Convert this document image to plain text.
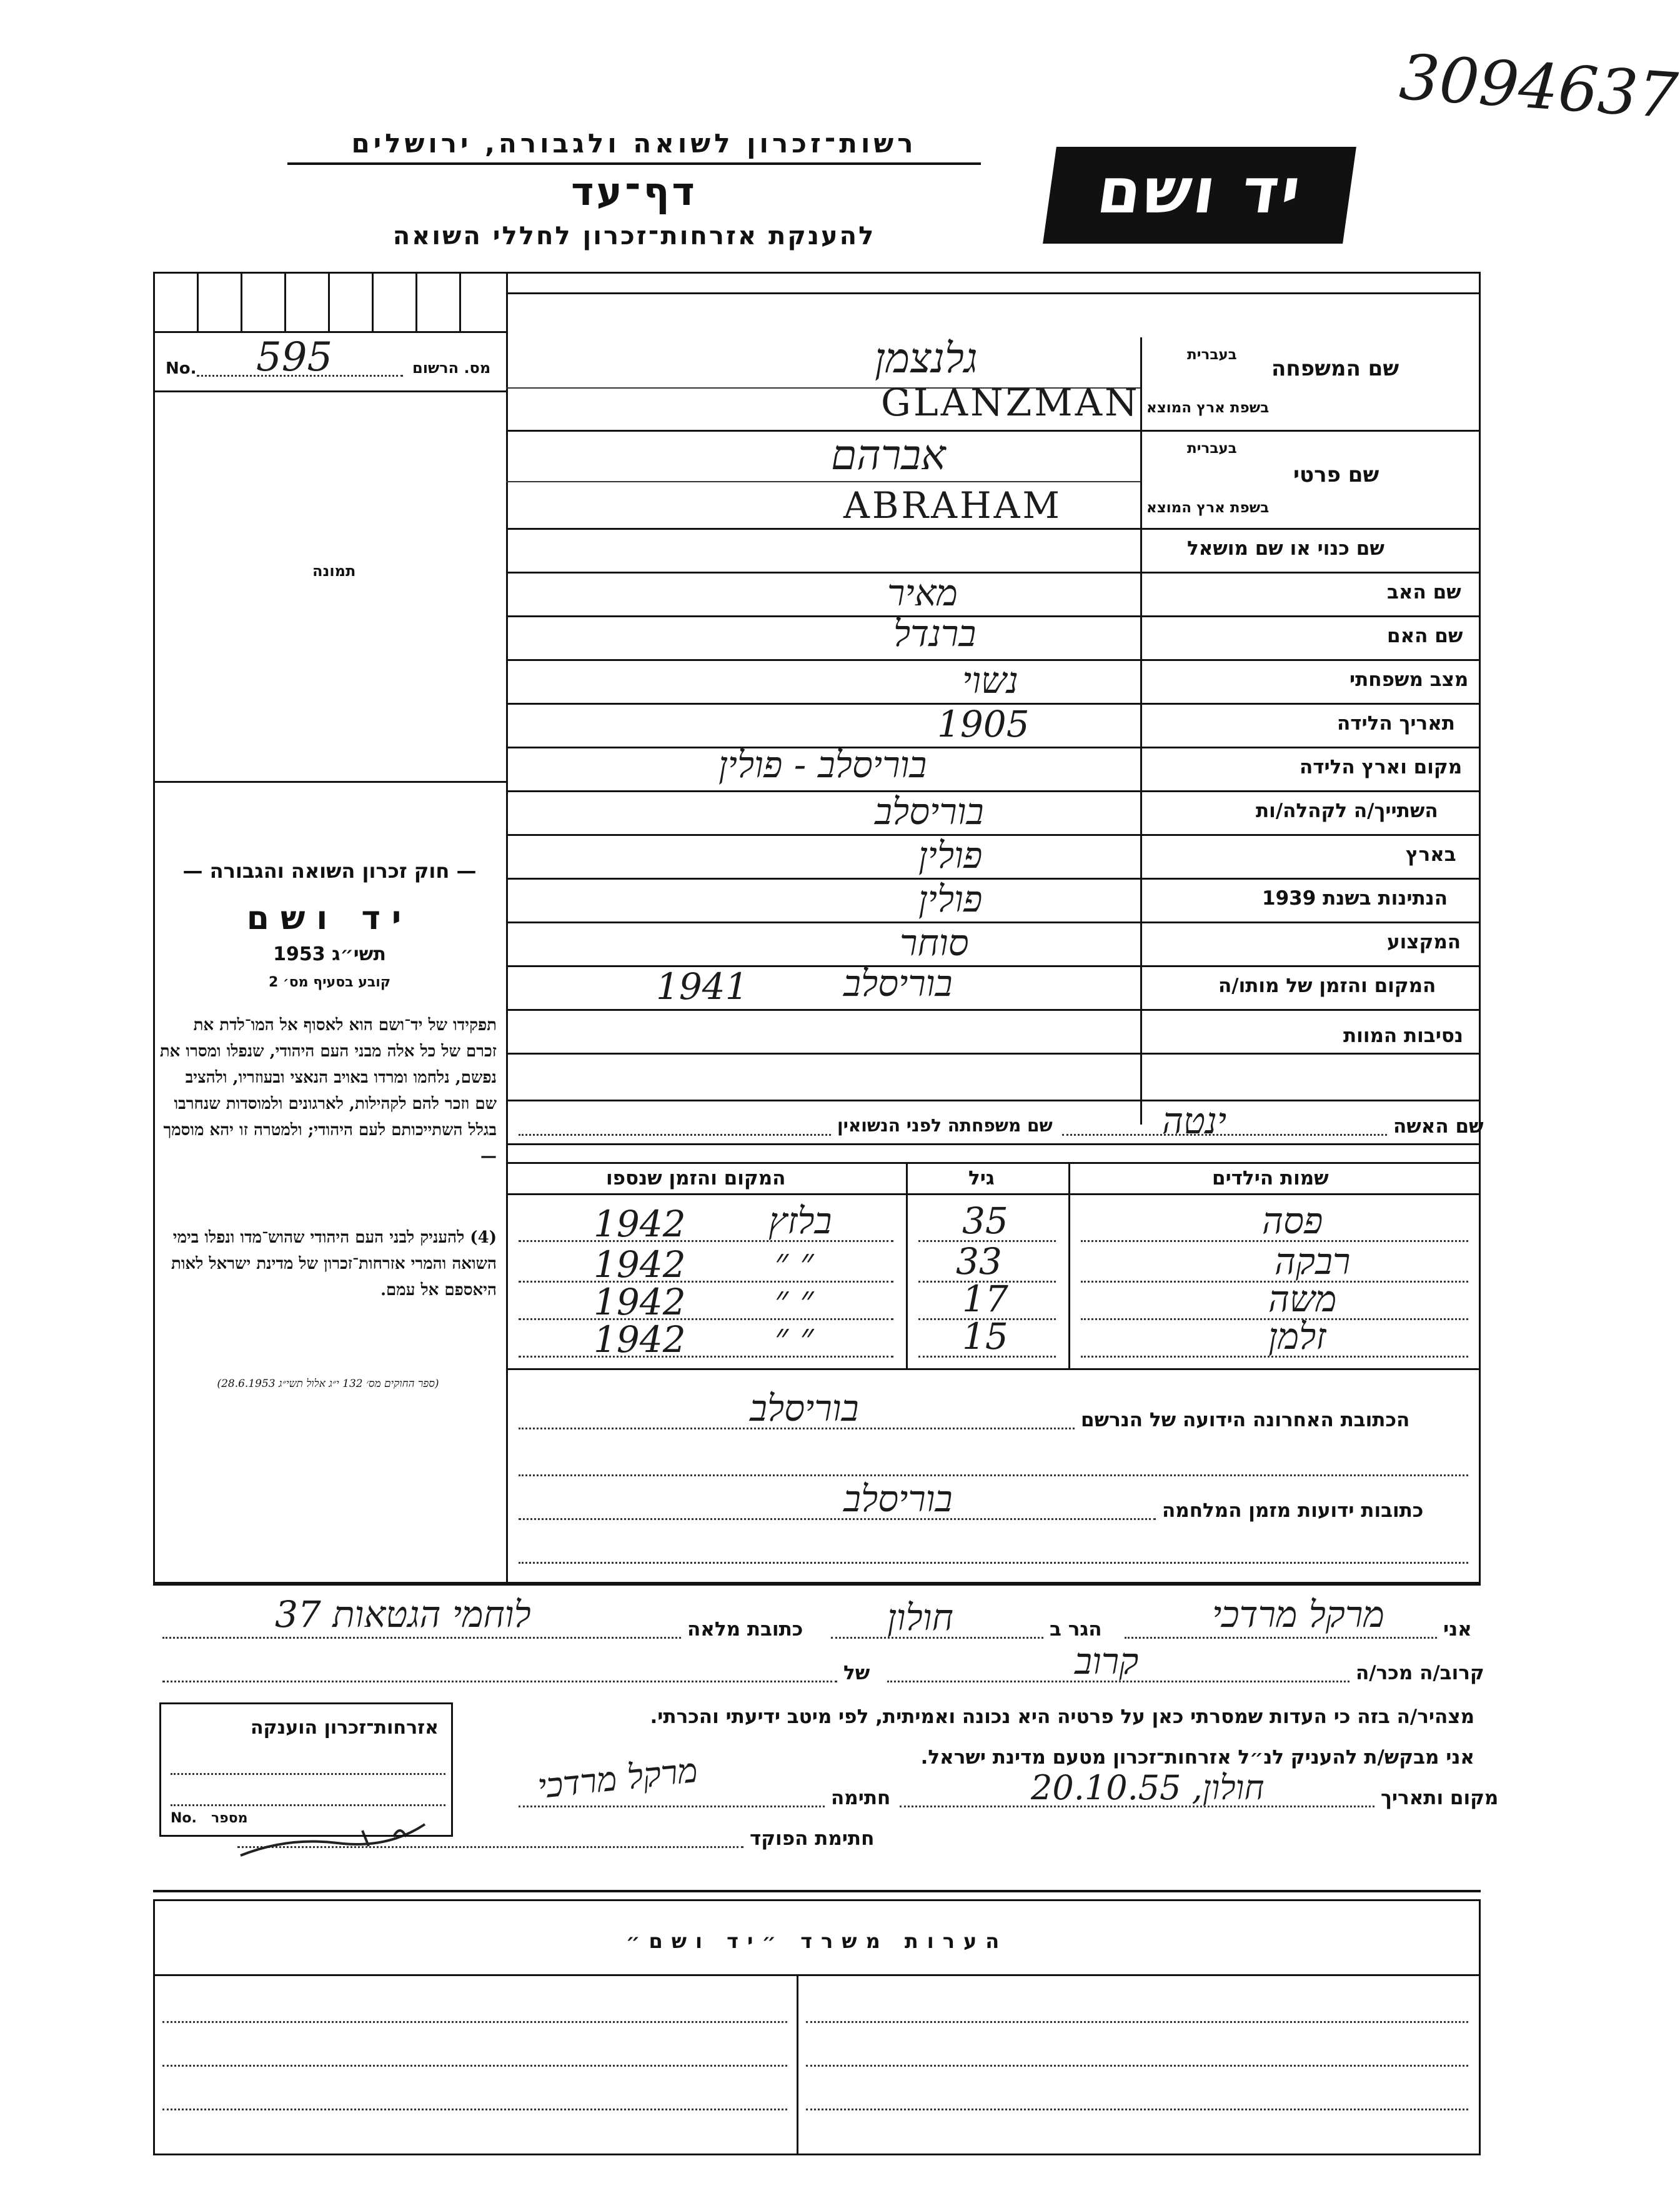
3094637
רשות־זכרון לשואה ולגבורה, ירושלים
דף־עד
להענקת אזרחות־זכרון לחללי השואה
יד ושם
מס. הרשום
No. 595
תמונה
— חוק זכרון השואה והגבורה —
יד ושם
תשי״ג 1953
קובע בסעיף מס׳ 2
תפקידו של יד־ושם הוא לאסוף אל המו־לדת את זכרם של כל אלה מבני העם היהודי, שנפלו ומסרו את נפשם, נלחמו ומרדו באויב הנאצי ובעוזריו, ולהציב שם וזכר להם לקהילות, לארגונים ולמוסדות שנחרבו בגלל השתייכותם לעם היהודי; ולמטרה זו יהא מוסמך —
(4) להעניק לבני העם היהודי שהוש־מדו ונפלו בימי השואה והמרי אזרחות־זכרון של מדינת ישראל לאות היאספם אל עמם.
(ספר החוקים מס׳ 132 י״ג אלול תשי״ג 28.6.1953)
שם המשפחה
בעברית
בשפת ארץ המוצא
גלנצמן
GLANZMAN
שם פרטי
בעברית
בשפת ארץ המוצא
אברהם
ABRAHAM
שם כנוי או שם מושאל
שם האב
מאיר
שם האם
ברנדל
מצב משפחתי
נשוי
תאריך הלידה
1905
מקום וארץ הלידה
בוריסלב - פולין
השתייך/ה לקהלה/ות
בוריסלב
בארץ
פולין
הנתינות בשנת 1939
פולין
המקצוע
סוחר
המקום והזמן של מותו/ה
בוריסלב
1941
נסיבות המוות
שם האשה
ינטה
שם משפחתה לפני הנשואין
שמות הילדים
גיל
המקום והזמן שנספו
פסה
35
בלזץ
1942
רבקה
33
״ ״
1942
משה
17
״ ״
1942
זלמן
15
״ ״
1942
הכתובת האחרונה הידועה של הנרשם
בוריסלב
כתובות ידועות מזמן המלחמה
בוריסלב
אני
מרקל מרדכי
הגר ב
חולון
כתובת מלאה
לוחמי הגטאות 37
קרוב/ה מכר/ה
קרוב
של
מצהיר/ה בזה כי העדות שמסרתי כאן על פרטיה היא נכונה ואמיתית, לפי מיטב ידיעתי והכרתי.
אני מבקש/ת להעניק לנ״ל אזרחות־זכרון מטעם מדינת ישראל.
מקום ותאריך
חולון, 20.10.55
חתימה
מרקל מרדכי
חתימת הפוקד
אזרחות־זכרון הוענקה
מספר
No.
הערות משרד ״יד ושם״
